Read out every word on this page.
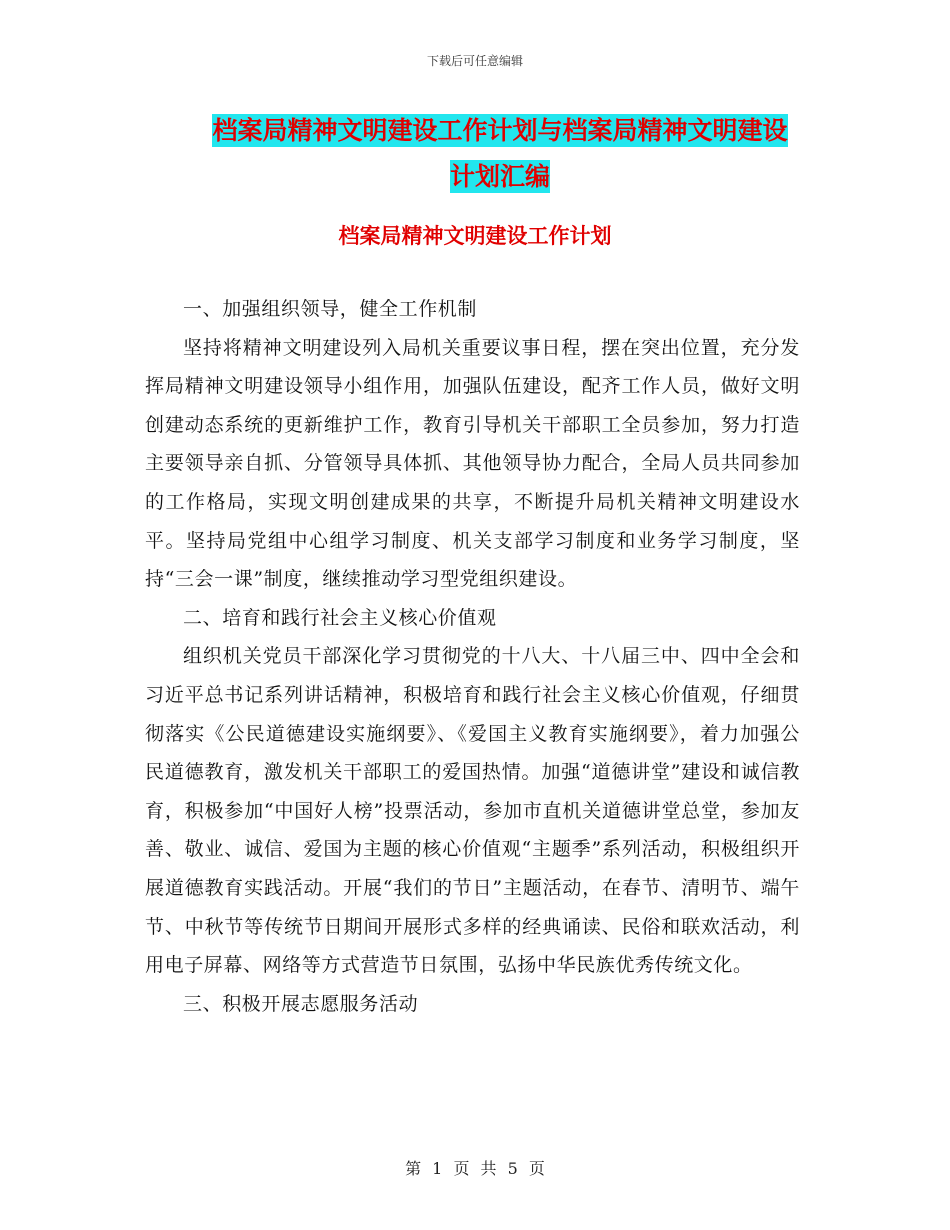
下载后可任意编辑
档案局精神文明建设工作计划与档案局精神文明建设
计划汇编
档案局精神文明建设工作计划

一、加强组织领导，健全工作机制

坚持将精神文明建设列入局机关重要议事日程，摆在突出位置，充分发挥局精神文明建设领导小组作用，加强队伍建设，配齐工作人员，做好文明创建动态系统的更新维护工作，教育引导机关干部职工全员参加，努力打造主要领导亲自抓、分管领导具体抓、其他领导协力配合，全局人员共同参加的工作格局，实现文明创建成果的共享，不断提升局机关精神文明建设水平。坚持局党组中心组学习制度、机关支部学习制度和业务学习制度，坚持“三会一课”制度，继续推动学习型党组织建设。

二、培育和践行社会主义核心价值观

组织机关党员干部深化学习贯彻党的十八大、十八届三中、四中全会和习近平总书记系列讲话精神，积极培育和践行社会主义核心价值观，仔细贯彻落实《公民道德建设实施纲要》、《爱国主义教育实施纲要》，着力加强公民道德教育，激发机关干部职工的爱国热情。加强“道德讲堂”建设和诚信教育，积极参加“中国好人榜”投票活动，参加市直机关道德讲堂总堂，参加友善、敬业、诚信、爱国为主题的核心价值观“主题季”系列活动，积极组织开展道德教育实践活动。开展“我们的节日”主题活动，在春节、清明节、端午节、中秋节等传统节日期间开展形式多样的经典诵读、民俗和联欢活动，利用电子屏幕、网络等方式营造节日氛围，弘扬中华民族优秀传统文化。

三、积极开展志愿服务活动

第 1 页 共 5 页
